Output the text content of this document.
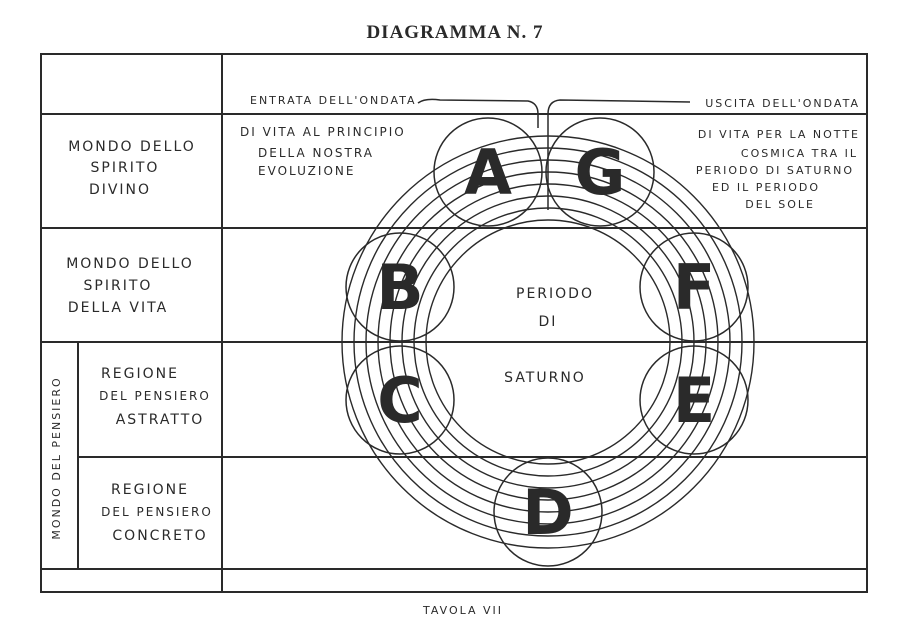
DIAGRAMMA N. 7
MONDO DELLO
SPIRITO
DIVINO
MONDO DELLO
SPIRITO
DELLA VITA
MONDO DEL PENSIERO
REGIONE
DEL PENSIERO
ASTRATTO
REGIONE
DEL PENSIERO
CONCRETO
ENTRATA DELL'ONDATA	USCITA DELL'ONDATA
DI VITA AL PRINCIPIO
DELLA NOSTRA
EVOLUZIONE
DI VITA PER LA NOTTE
COSMICA TRA IL
PERIODO DI SATURNO
ED IL PERIODO
DEL SOLE
A
B
C
D
E
F
G
PERIODO
DI
SATURNO
TAVOLA VII
